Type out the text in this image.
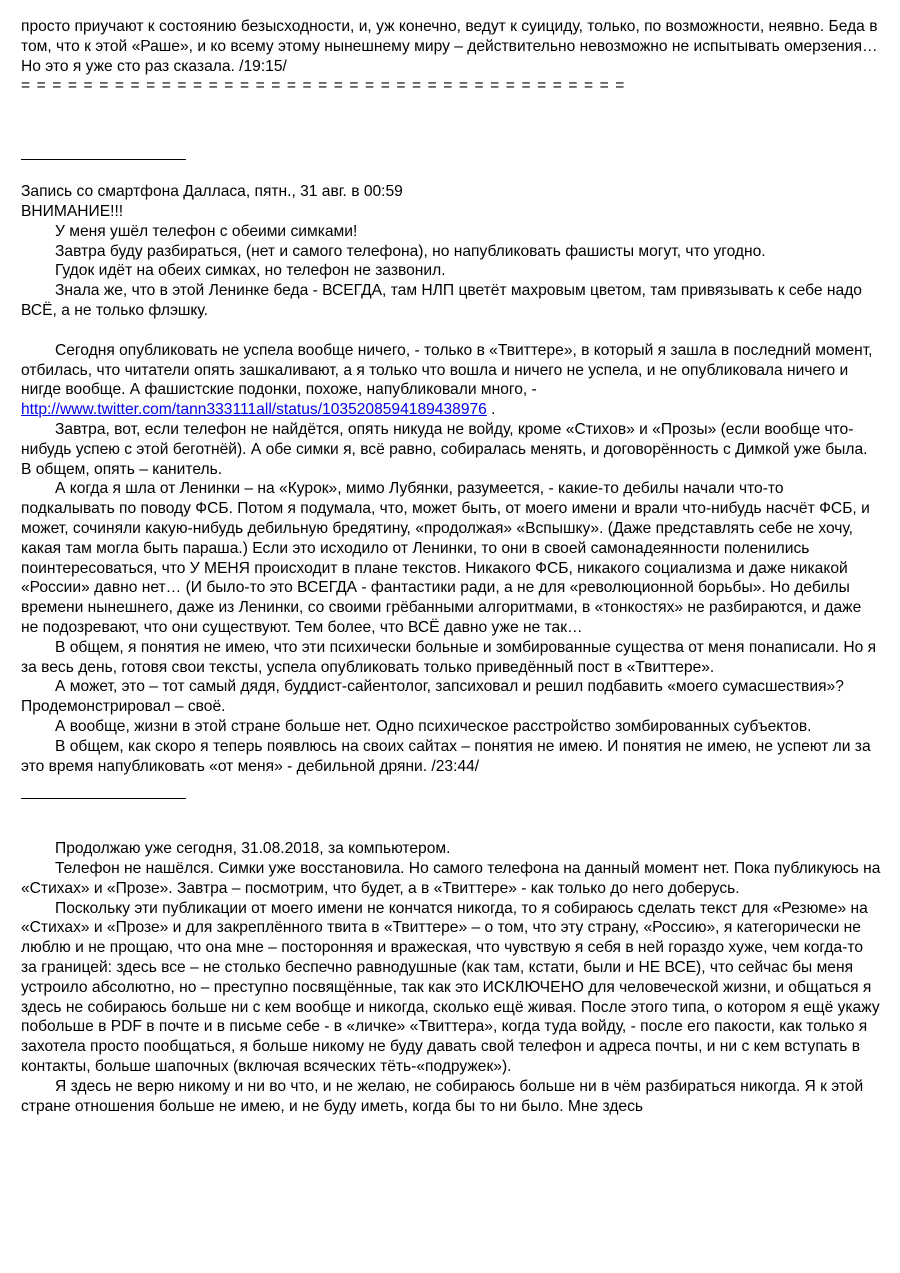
просто приучают к состоянию безысходности, и, уж конечно, ведут к суициду, только, по возможности, неявно. Беда в том, что к этой «Раше», и ко всему этому нынешнему миру – действительно невозможно не испытывать омерзения… Но это я уже сто раз сказала. /19:15/

= = = = = = = = = = = = = = = = = = = = = = = = = = = = = = = = = = = = = = =

Запись со смартфона Далласа, пятн., 31 авг. в 00:59

ВНИМАНИЕ!!!

У меня ушёл телефон с обеими симками!

Завтра буду разбираться, (нет и самого телефона), но напубликовать фашисты могут, что угодно.

Гудок идёт на обеих симках, но телефон не зазвонил.

Знала же, что в этой Ленинке беда - ВСЕГДА, там НЛП цветёт махровым цветом, там привязывать к себе надо ВСЁ, а не только флэшку.

Сегодня опубликовать не успела вообще ничего, - только в «Твиттере», в который я зашла в последний момент, отбилась, что читатели опять зашкаливают, а я только что вошла и ничего не успела, и не опубликовала ничего и нигде вообще. А фашистские подонки, похоже, напубликовали много, -

http://www.twitter.com/tann333111all/status/1035208594189438976 .

Завтра, вот, если телефон не найдётся, опять никуда не войду, кроме «Стихов» и «Прозы» (если вообще что-нибудь успею с этой беготнёй). А обе симки я, всё равно, собиралась менять, и договорённость с Димкой уже была. В общем, опять – канитель.

А когда я шла от Ленинки – на «Курок», мимо Лубянки, разумеется, - какие-то дебилы начали что-то подкалывать по поводу ФСБ. Потом я подумала, что, может быть, от моего имени и врали что-нибудь насчёт ФСБ, и может, сочиняли какую-нибудь дебильную бредятину, «продолжая» «Вспышку». (Даже представлять себе не хочу, какая там могла быть параша.) Если это исходило от Ленинки, то они в своей самонадеянности поленились поинтересоваться, что У МЕНЯ происходит в плане текстов. Никакого ФСБ, никакого социализма и даже никакой «России» давно нет… (И было-то это ВСЕГДА - фантастики ради, а не для «революционной борьбы». Но дебилы времени нынешнего, даже из Ленинки, со своими грёбанными алгоритмами, в «тонкостях» не разбираются, и даже не подозревают, что они существуют. Тем более, что ВСЁ давно уже не так…

В общем, я понятия не имею, что эти психически больные и зомбированные существа от меня понаписали. Но я за весь день, готовя свои тексты, успела опубликовать только приведённый пост в «Твиттере».

А может, это – тот самый дядя, буддист-сайентолог, запсиховал и решил подбавить «моего сумасшествия»? Продемонстрировал – своё.

А вообще, жизни в этой стране больше нет. Одно психическое расстройство зомбированных субъектов.

В общем, как скоро я теперь появлюсь на своих сайтах – понятия не имею. И понятия не имею, не успеют ли за это время напубликовать «от меня» - дебильной дряни. /23:44/

Продолжаю уже сегодня, 31.08.2018, за компьютером.

Телефон не нашёлся. Симки уже восстановила. Но самого телефона на данный момент нет. Пока публикуюсь на «Стихах» и «Прозе». Завтра – посмотрим, что будет, а в «Твиттере» - как только до него доберусь.

Поскольку эти публикации от моего имени не кончатся никогда, то я собираюсь сделать текст для «Резюме» на «Стихах» и «Прозе» и для закреплённого твита в «Твиттере» – о том, что эту страну, «Россию», я категорически не люблю и не прощаю, что она мне – посторонняя и вражеская, что чувствую я себя в ней гораздо хуже, чем когда-то за границей: здесь все – не столько беспечно равнодушные (как там, кстати, были и НЕ ВСЕ), что сейчас бы меня устроило абсолютно, но – преступно посвящённые, так как это ИСКЛЮЧЕНО для человеческой жизни, и общаться я здесь не собираюсь больше ни с кем вообще и никогда, сколько ещё живая. После этого типа, о котором я ещё укажу побольше в PDF в почте и в письме себе - в «личке» «Твиттера», когда туда войду, - после его пакости, как только я захотела просто пообщаться, я больше никому не буду давать свой телефон и адреса почты, и ни с кем вступать в контакты, больше шапочных (включая всяческих тёть-«подружек»).

Я здесь не верю никому и ни во что, и не желаю, не собираюсь больше ни в чём разбираться никогда. Я к этой стране отношения больше не имею, и не буду иметь, когда бы то ни было. Мне здесь
